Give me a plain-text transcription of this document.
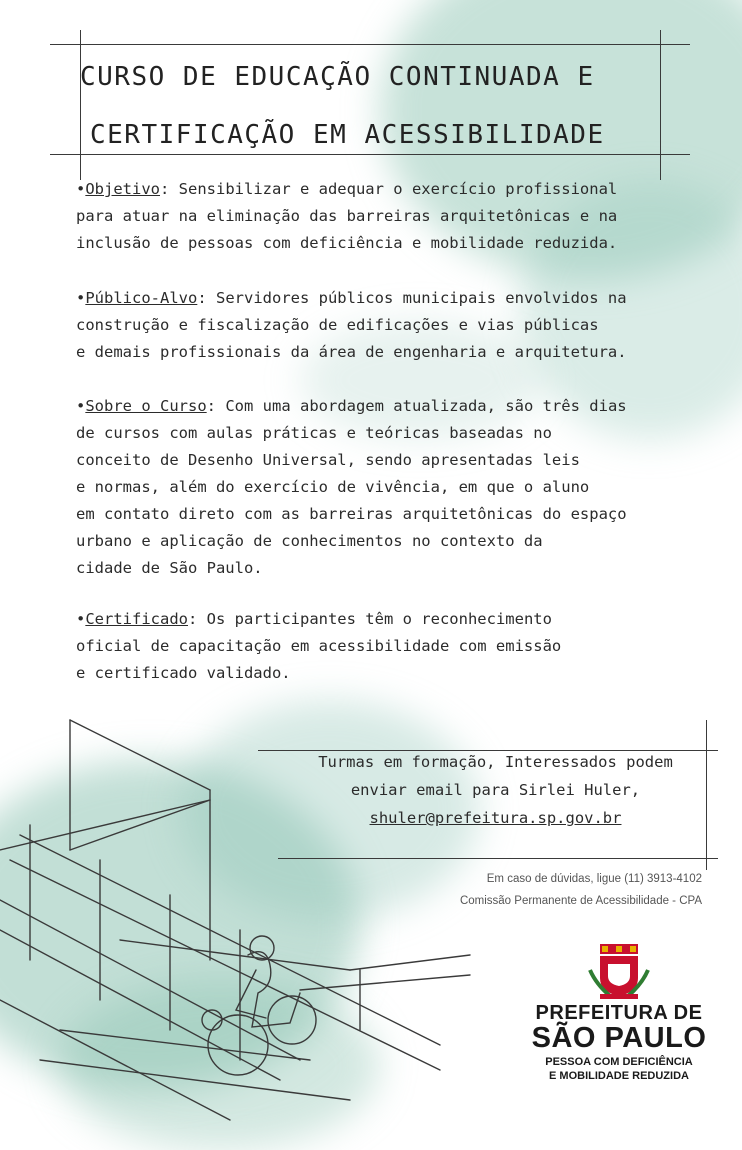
CURSO DE EDUCAÇÃO CONTINUADA E
CERTIFICAÇÃO EM ACESSIBILIDADE
•Objetivo: Sensibilizar e adequar o exercício profissional
para atuar na eliminação das barreiras arquitetônicas e na
inclusão de pessoas com deficiência e mobilidade reduzida.
•Público-Alvo: Servidores públicos municipais envolvidos na
construção e fiscalização de edificações e vias públicas
e demais profissionais da área de engenharia e arquitetura.
•Sobre o Curso: Com uma abordagem atualizada, são três dias
de cursos com aulas práticas e teóricas baseadas no
conceito de Desenho Universal, sendo apresentadas leis
e normas, além do exercício de vivência, em que o aluno
em contato direto com as barreiras arquitetônicas do espaço
urbano e aplicação de conhecimentos no contexto da
cidade de São Paulo.
•Certificado: Os participantes têm o reconhecimento
oficial de capacitação em acessibilidade com emissão
e certificado validado.
Turmas em formação, Interessados podem
enviar email para Sirlei Huler,
shuler@prefeitura.sp.gov.br
Em caso de dúvidas, ligue (11) 3913-4102
Comissão Permanente de Acessibilidade - CPA
PREFEITURA DE
SÃO PAULO
PESSOA COM DEFICIÊNCIA
E MOBILIDADE REDUZIDA
